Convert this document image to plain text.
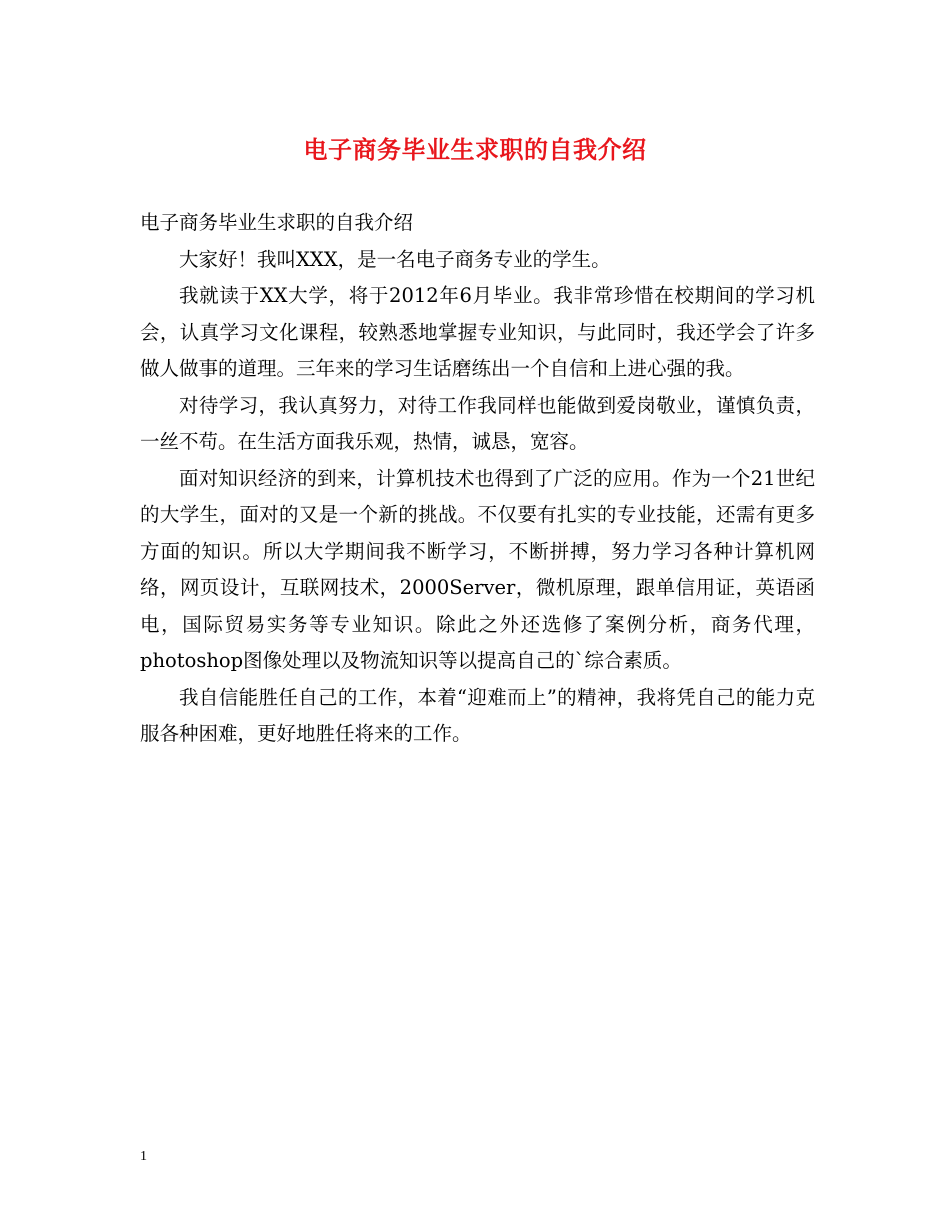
电子商务毕业生求职的自我介绍

电子商务毕业生求职的自我介绍

大家好！我叫XXX，是一名电子商务专业的学生。

我就读于XX大学，将于2012年6月毕业。我非常珍惜在校期间的学习机会，认真学习文化课程，较熟悉地掌握专业知识，与此同时，我还学会了许多做人做事的道理。三年来的学习生话磨练出一个自信和上进心强的我。

对待学习，我认真努力，对待工作我同样也能做到爱岗敬业，谨慎负责，一丝不苟。在生活方面我乐观，热情，诚恳，宽容。

面对知识经济的到来，计算机技术也得到了广泛的应用。作为一个21世纪的大学生，面对的又是一个新的挑战。不仅要有扎实的专业技能，还需有更多方面的知识。所以大学期间我不断学习，不断拼搏，努力学习各种计算机网络，网页设计，互联网技术，2000Server，微机原理，跟单信用证，英语函电，国际贸易实务等专业知识。除此之外还选修了案例分析，商务代理，photoshop图像处理以及物流知识等以提高自己的`综合素质。

我自信能胜任自己的工作，本着“迎难而上”的精神，我将凭自己的能力克服各种困难，更好地胜任将来的工作。

1
